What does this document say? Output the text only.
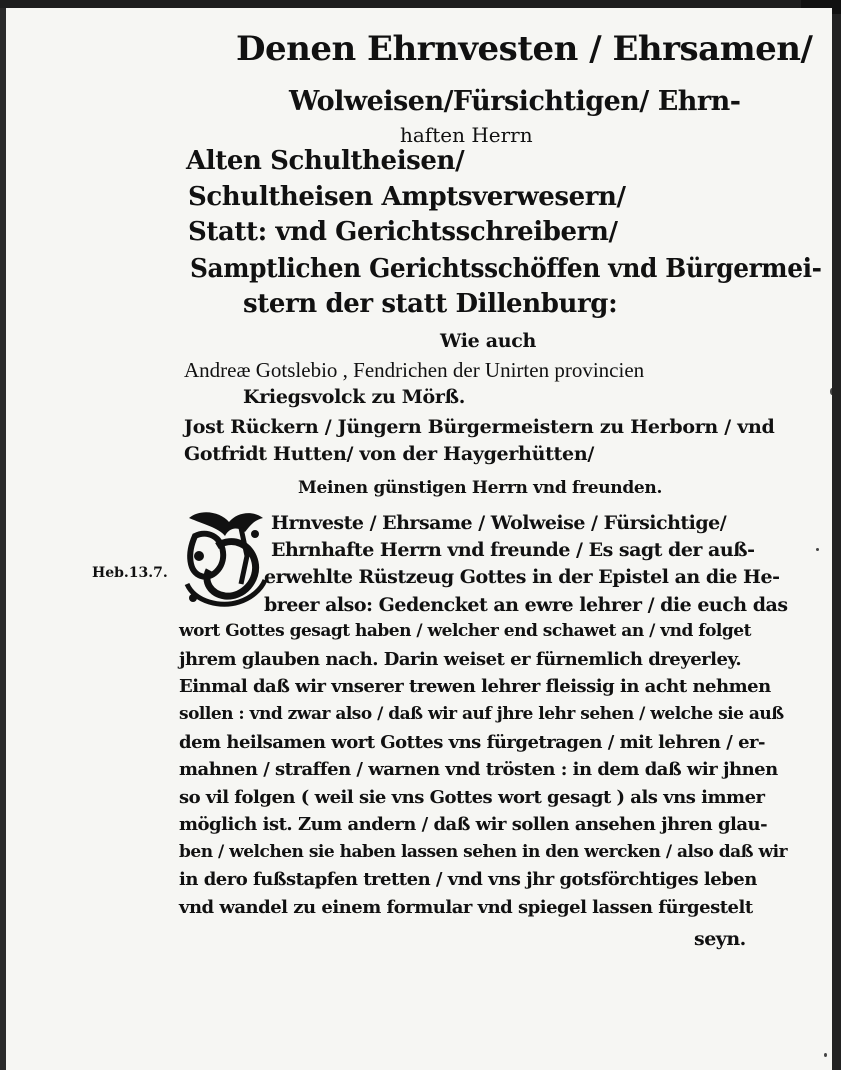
Denen Ehrnvesten / Ehrsamen/
Wolweisen/Fürsichtigen/ Ehrn-
haften Herrn
Alten Schultheisen/
Schultheisen Amptsverwesern/
Statt: vnd Gerichtsschreibern/
Samptlichen Gerichtsschöffen vnd Bürgermei-
stern der statt Dillenburg:
Wie auch
Andreæ Gotslebio , Fendrichen der Unirten provincien
Kriegsvolck zu Mörß.
Jost Rückern / Jüngern Bürgermeistern zu Herborn / vnd
Gotfridt Hutten/ von der Haygerhütten/
Meinen günstigen Herrn vnd freunden.
Heb.13.7.
Hrnveste / Ehrsame / Wolweise / Fürsichtige/
Ehrnhafte Herrn vnd freunde / Es sagt der auß-
erwehlte Rüstzeug Gottes in der Epistel an die He-
breer also: Gedencket an ewre lehrer / die euch das
wort Gottes gesagt haben / welcher end schawet an / vnd folget
jhrem glauben nach. Darin weiset er fürnemlich dreyerley.
Einmal daß wir vnserer trewen lehrer fleissig in acht nehmen
sollen : vnd zwar also / daß wir auf jhre lehr sehen / welche sie auß
dem heilsamen wort Gottes vns fürgetragen / mit lehren / er-
mahnen / straffen / warnen vnd trösten : in dem daß wir jhnen
so vil folgen ( weil sie vns Gottes wort gesagt ) als vns immer
möglich ist. Zum andern / daß wir sollen ansehen jhren glau-
ben / welchen sie haben lassen sehen in den wercken / also daß wir
in dero fußstapfen tretten / vnd vns jhr gotsförchtiges leben
vnd wandel zu einem formular vnd spiegel lassen fürgestelt
seyn.
